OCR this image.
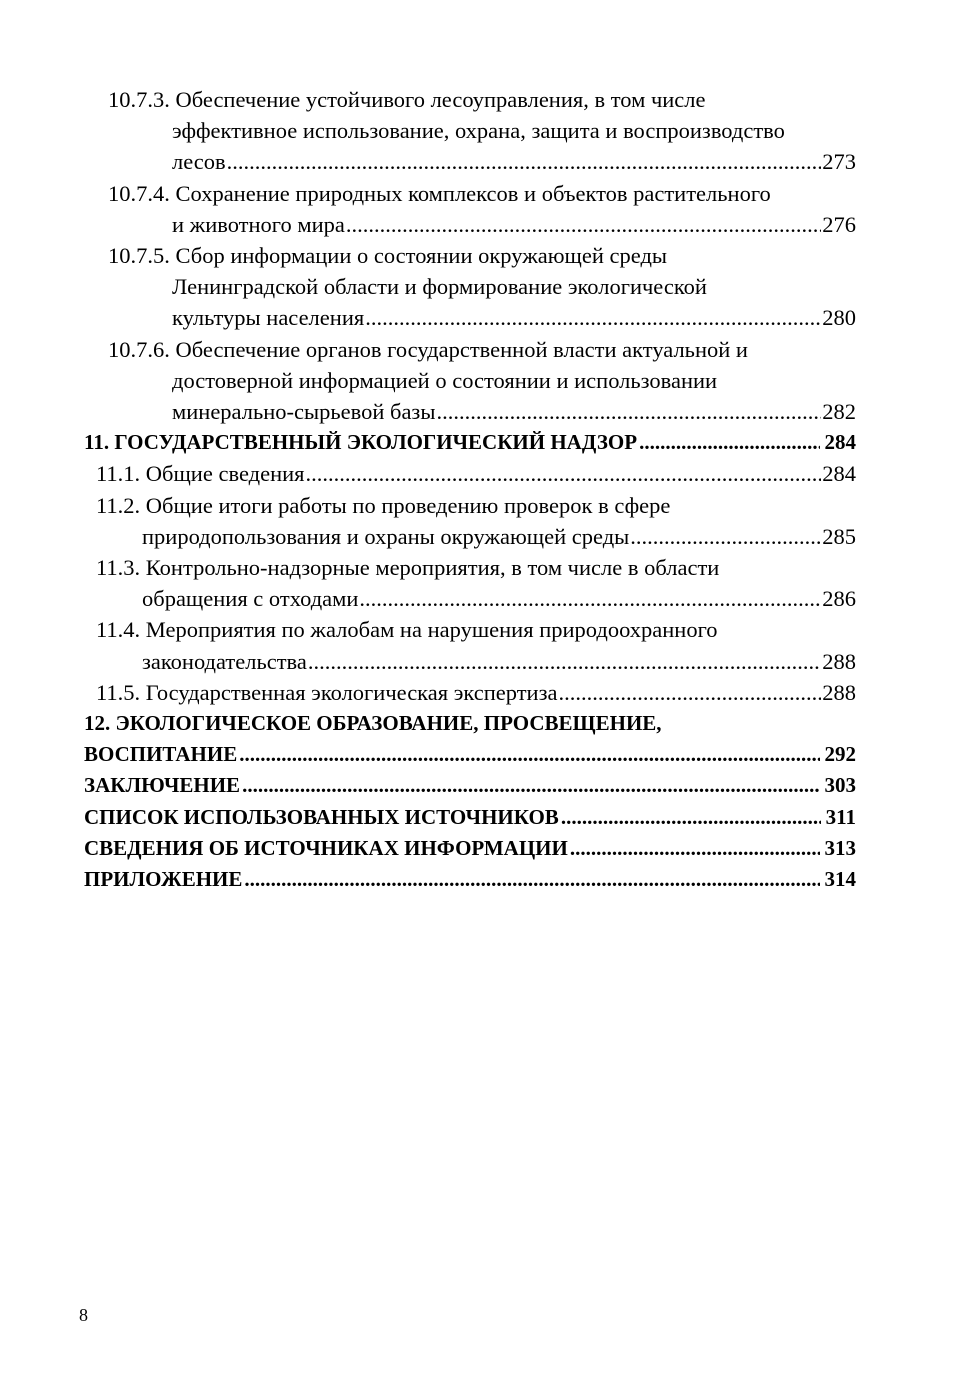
10.7.3. Обеспечение устойчивого лесоуправления, в том числе
эффективное использование, охрана, защита и воспроизводство
лесов .....	273
10.7.4. Сохранение природных комплексов и объектов растительного
и животного мира .....	276
10.7.5. Сбор информации о состоянии окружающей среды
Ленинградской области и формирование экологической
культуры населения .....	280
10.7.6. Обеспечение органов государственной власти актуальной и
достоверной информацией о состоянии и использовании
минерально-сырьевой базы .....	282
11. ГОСУДАРСТВЕННЫЙ ЭКОЛОГИЧЕСКИЙ НАДЗОР .....	284
11.1. Общие сведения .....	284
11.2. Общие итоги работы по проведению проверок в сфере
природопользования и охраны окружающей среды .....	285
11.3. Контрольно-надзорные мероприятия, в том числе в области
обращения с отходами .....	286
11.4. Мероприятия по жалобам на нарушения природоохранного
законодательства .....	288
11.5. Государственная экологическая экспертиза .....	288
12. ЭКОЛОГИЧЕСКОЕ ОБРАЗОВАНИЕ, ПРОСВЕЩЕНИЕ,
ВОСПИТАНИЕ .....	292
ЗАКЛЮЧЕНИЕ .....	303
СПИСОК ИСПОЛЬЗОВАННЫХ ИСТОЧНИКОВ .....	311
СВЕДЕНИЯ ОБ ИСТОЧНИКАХ ИНФОРМАЦИИ .....	313
ПРИЛОЖЕНИЕ .....	314
8
